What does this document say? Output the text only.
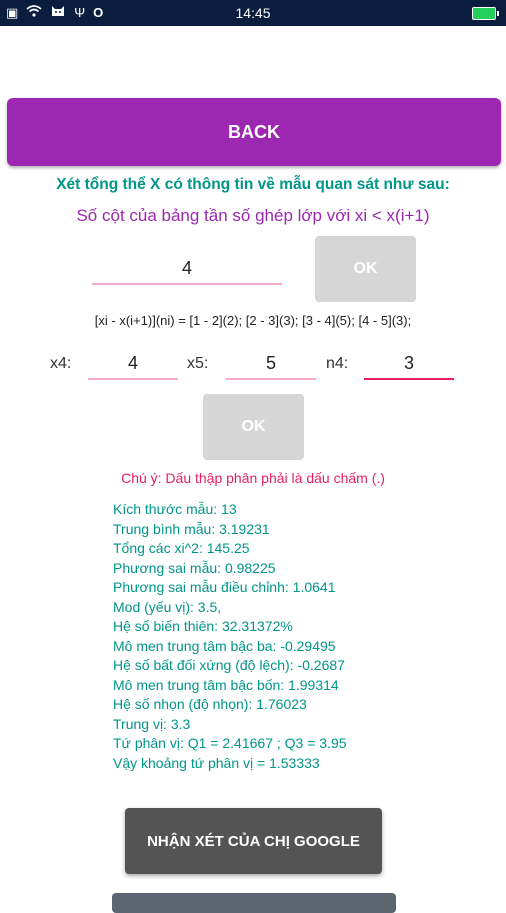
▣	Ψ O	14:45
BACK
Xét tổng thể X có thông tin về mẫu quan sát như sau:
Số cột của bảng tần số ghép lớp với xi < x(i+1)
4	OK
[xi - x(i+1)](ni) = [1 - 2](2); [2 - 3](3); [3 - 4](5); [4 - 5](3);
x4:	4	x5:	5	n4:	3
OK
Chú ý: Dấu thập phân phải là dấu chấm (.)
Kích thước mẫu: 13
Trung bình mẫu: 3.19231
Tổng các xi^2: 145.25
Phương sai mẫu: 0.98225
Phương sai mẫu điều chỉnh: 1.0641
Mod (yếu vị): 3.5,
Hệ số biến thiên: 32.31372%
Mô men trung tâm bậc ba: -0.29495
Hệ số bất đối xứng (độ lệch): -0.2687
Mô men trung tâm bậc bốn: 1.99314
Hệ số nhọn (độ nhọn): 1.76023
Trung vị: 3.3
Tứ phân vị: Q1 = 2.41667 ; Q3 = 3.95
Vậy khoảng tứ phân vị = 1.53333
NHẬN XÉT CỦA CHỊ GOOGLE
